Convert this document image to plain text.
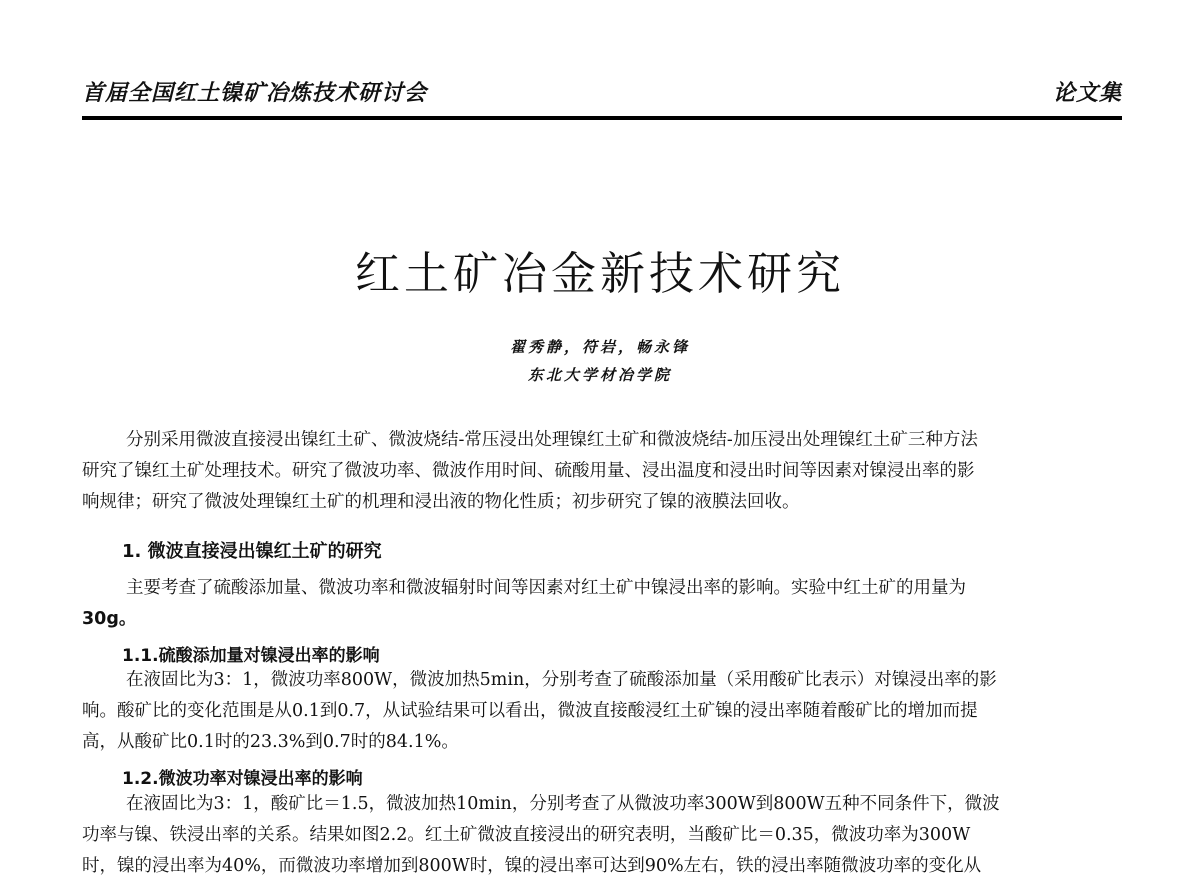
首届全国红土镍矿冶炼技术研讨会	论文集
红土矿冶金新技术研究
翟秀静，符岩，畅永锋
东北大学材冶学院
分别采用微波直接浸出镍红土矿、微波烧结-常压浸出处理镍红土矿和微波烧结-加压浸出处理镍红土矿三种方法
研究了镍红土矿处理技术。研究了微波功率、微波作用时间、硫酸用量、浸出温度和浸出时间等因素对镍浸出率的影
响规律；研究了微波处理镍红土矿的机理和浸出液的物化性质；初步研究了镍的液膜法回收。
1. 微波直接浸出镍红土矿的研究
主要考查了硫酸添加量、微波功率和微波辐射时间等因素对红土矿中镍浸出率的影响。实验中红土矿的用量为
30g。
1.1.硫酸添加量对镍浸出率的影响
在液固比为3：1，微波功率800W，微波加热5min，分别考查了硫酸添加量（采用酸矿比表示）对镍浸出率的影
响。酸矿比的变化范围是从0.1到0.7，从试验结果可以看出，微波直接酸浸红土矿镍的浸出率随着酸矿比的增加而提
高，从酸矿比0.1时的23.3%到0.7时的84.1%。
1.2.微波功率对镍浸出率的影响
在液固比为3：1，酸矿比＝1.5，微波加热10min，分别考查了从微波功率300W到800W五种不同条件下，微波
功率与镍、铁浸出率的关系。结果如图2.2。红土矿微波直接浸出的研究表明，当酸矿比＝0.35，微波功率为300W
时，镍的浸出率为40%，而微波功率增加到800W时，镍的浸出率可达到90%左右，铁的浸出率随微波功率的变化从
